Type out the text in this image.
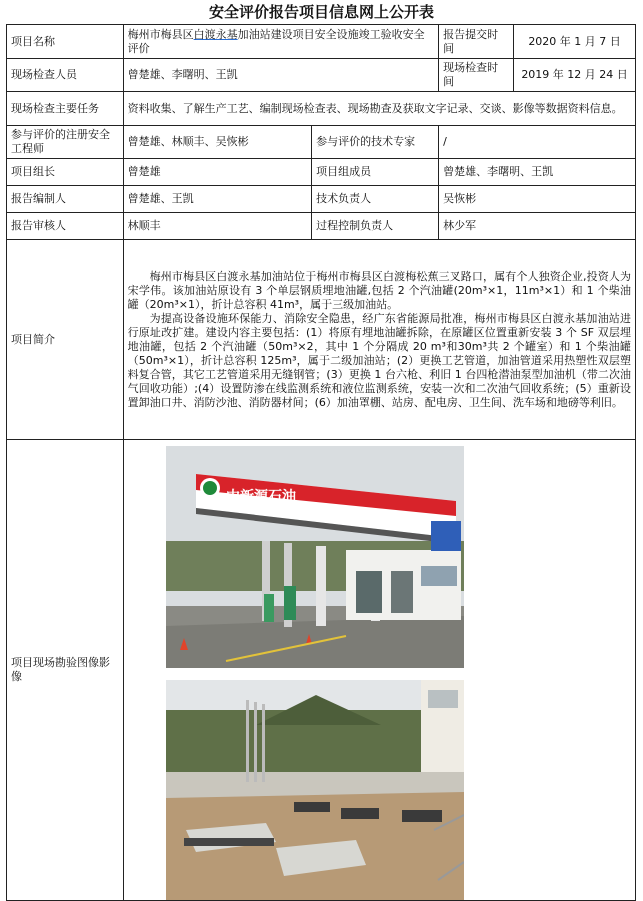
安全评价报告项目信息网上公开表
项目名称	梅州市梅县区白渡永基加油站建设项目安全设施竣工验收安全评价		报告提交时间	2020 年 1 月 7 日
现场检查人员	曾楚雄、李曙明、王凯		现场检查时间	2019 年 12 月 24 日
现场检查主要任务	资料收集、了解生产工艺、编制现场检查表、现场勘查及获取文字记录、交谈、影像等数据资料信息。			
参与评价的注册安全工程师	曾楚雄、林顺丰、吴恢彬	参与评价的技术专家	/	
项目组长	曾楚雄	项目组成员	曾楚雄、李曙明、王凯	
报告编制人	曾楚雄、王凯	技术负责人	吴恢彬	
报告审核人	林顺丰	过程控制负责人	林少军	
项目简介	梅州市梅县区白渡永基加油站位于梅州市梅县区白渡梅松蕉三叉路口，属有个人独资企业,投资人为宋学伟。该加油站原设有 3 个单层钢质埋地油罐,包括 2 个汽油罐(20m³×1，11m³×1）和 1 个柴油罐（20m³×1），折计总容积 41m³，属于三级加油站。

为提高设备设施环保能力、消除安全隐患，经广东省能源局批准，梅州市梅县区白渡永基加油站进行原址改扩建。建设内容主要包括：(1）将原有埋地油罐拆除，在原罐区位置重新安装 3 个 SF 双层埋地油罐，包括 2 个汽油罐（50m³×2，其中 1 个分隔成 20 m³和30m³共 2 个罐室）和 1 个柴油罐（50m³×1），折计总容积 125m³，属于二级加油站；(2）更换工艺管道，加油管道采用热塑性双层塑料复合管，其它工艺管道采用无缝钢管；(3）更换 1 台六枪、利旧 1 台四枪潜油泵型加油机（带二次油气回收功能）;(4）设置防渗在线监测系统和液位监测系统，安装一次和二次油气回收系统；(5）重新设置卸油口井、消防沙池、消防器材间；(6）加油罩棚、站房、配电房、卫生间、洗车场和地磅等利旧。			

项目现场勘验图像影像	中新源石油			
